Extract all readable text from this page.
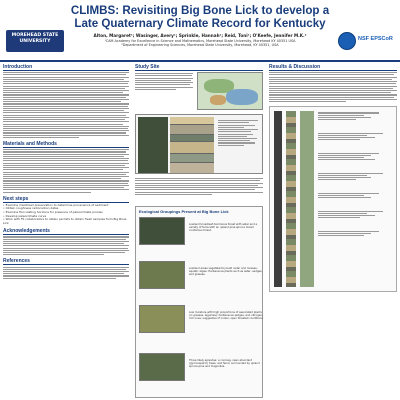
MOREHEAD STATE UNIVERSITY
CLIMBS: Revisiting Big Bone Lick to develop a Late Quaternary Climate Record for Kentucky
Alton, Margaret¹; Wasinger, Avery¹; Sprinkle, Hannah¹; Reid, Toni¹; O'Keefe, Jennifer M.K.²
¹CAM Academy for Excellence in Science and Mathematics, Morehead State University, Morehead KY 40351 USA
²Department of Engineering Sciences, Morehead State University, Morehead, KY 40351, USA
NSF EPSCoR
Introduction
Materials and Methods
Next steps
• Examine meiofossil preservation to determine provenance of sediment
• Obtain roughness radiocarbon dates
• Examine flocculating horizons for presence of paleoclimate proxies
• Develop paleoclimate curve
• Work with FS collaborators to obtain permits to obtain fresh samples from Big Bone Lick
Acknowledgements
References
Study Site
Ecological Groupings Present at Big Bone Lick
Lowland broadleaf deciduous forest with aster and a variety of ferns with an upland pine-spruce mixed coniferous forest.
Lowland areas vegetated by bald cedar and mosses; aquatic algae. Herbaceous plants such as aster, sedges, and grasses.
Low moisture with high proportions of associated plants (in grasses, legumes); herbaceous sedges, and nitrogen-rich ones; suggestive of cooler, open forested conditions.
Three likely episodes: a cool-leg, open abundant (gymnosperm) trees; and ferns; surrounded by upland spruce-pine and magnolias.
Results & Discussion
